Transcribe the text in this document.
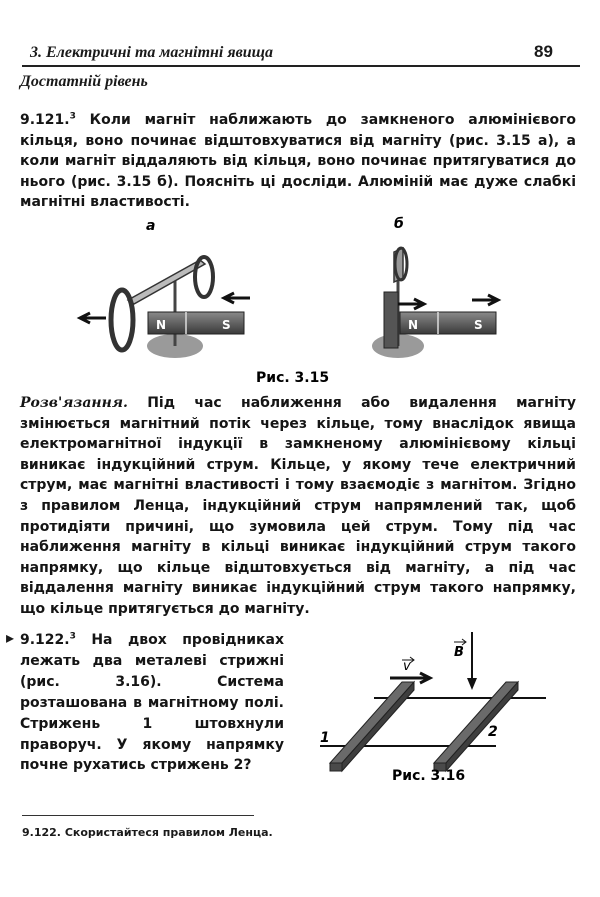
3. Електричні та магнітні явища	89
Достатній рівень
9.121.$^3$ Коли магніт наближають до замкненого алюмінієвого кільця, воно починає відштовхуватися від магніту (рис. 3.15 а), а коли магніт віддаляють від кільця, воно починає притягуватися до нього (рис. 3.15 б). Поясніть ці досліди. Алюміній має дуже слабкі магнітні властивості.
а	б
N	S	N	S
Рис. 3.15
Розв'язання. Під час наближення або видалення магніту змінюється магнітний потік через кільце, тому внаслідок явища електромагнітної індукції в замкненому алюмінієвому кільці виникає індукційний струм. Кільце, у якому тече електричний струм, має магнітні властивості і тому взаємодіє з магнітом. Згідно з правилом Ленца, індукційний струм напрямлений так, щоб протидіяти причині, що зумовила цей струм. Тому під час наближення магніту в кільці виникає індукційний струм такого напрямку, що кільце відштовхується від магніту, а під час віддалення магніту виникає індукційний струм такого напрямку, що кільце притягується до магніту.
▸ 9.122.$^3$ На двох провідниках лежать два металеві стрижні (рис. 3.16). Система розташована в магнітному полі. Стрижень 1 штовхнули праворуч. У якому напрямку почне рухатись стрижень 2?
v
B
1	2
Рис. 3.16
9.122. Скористайтеся правилом Ленца.
